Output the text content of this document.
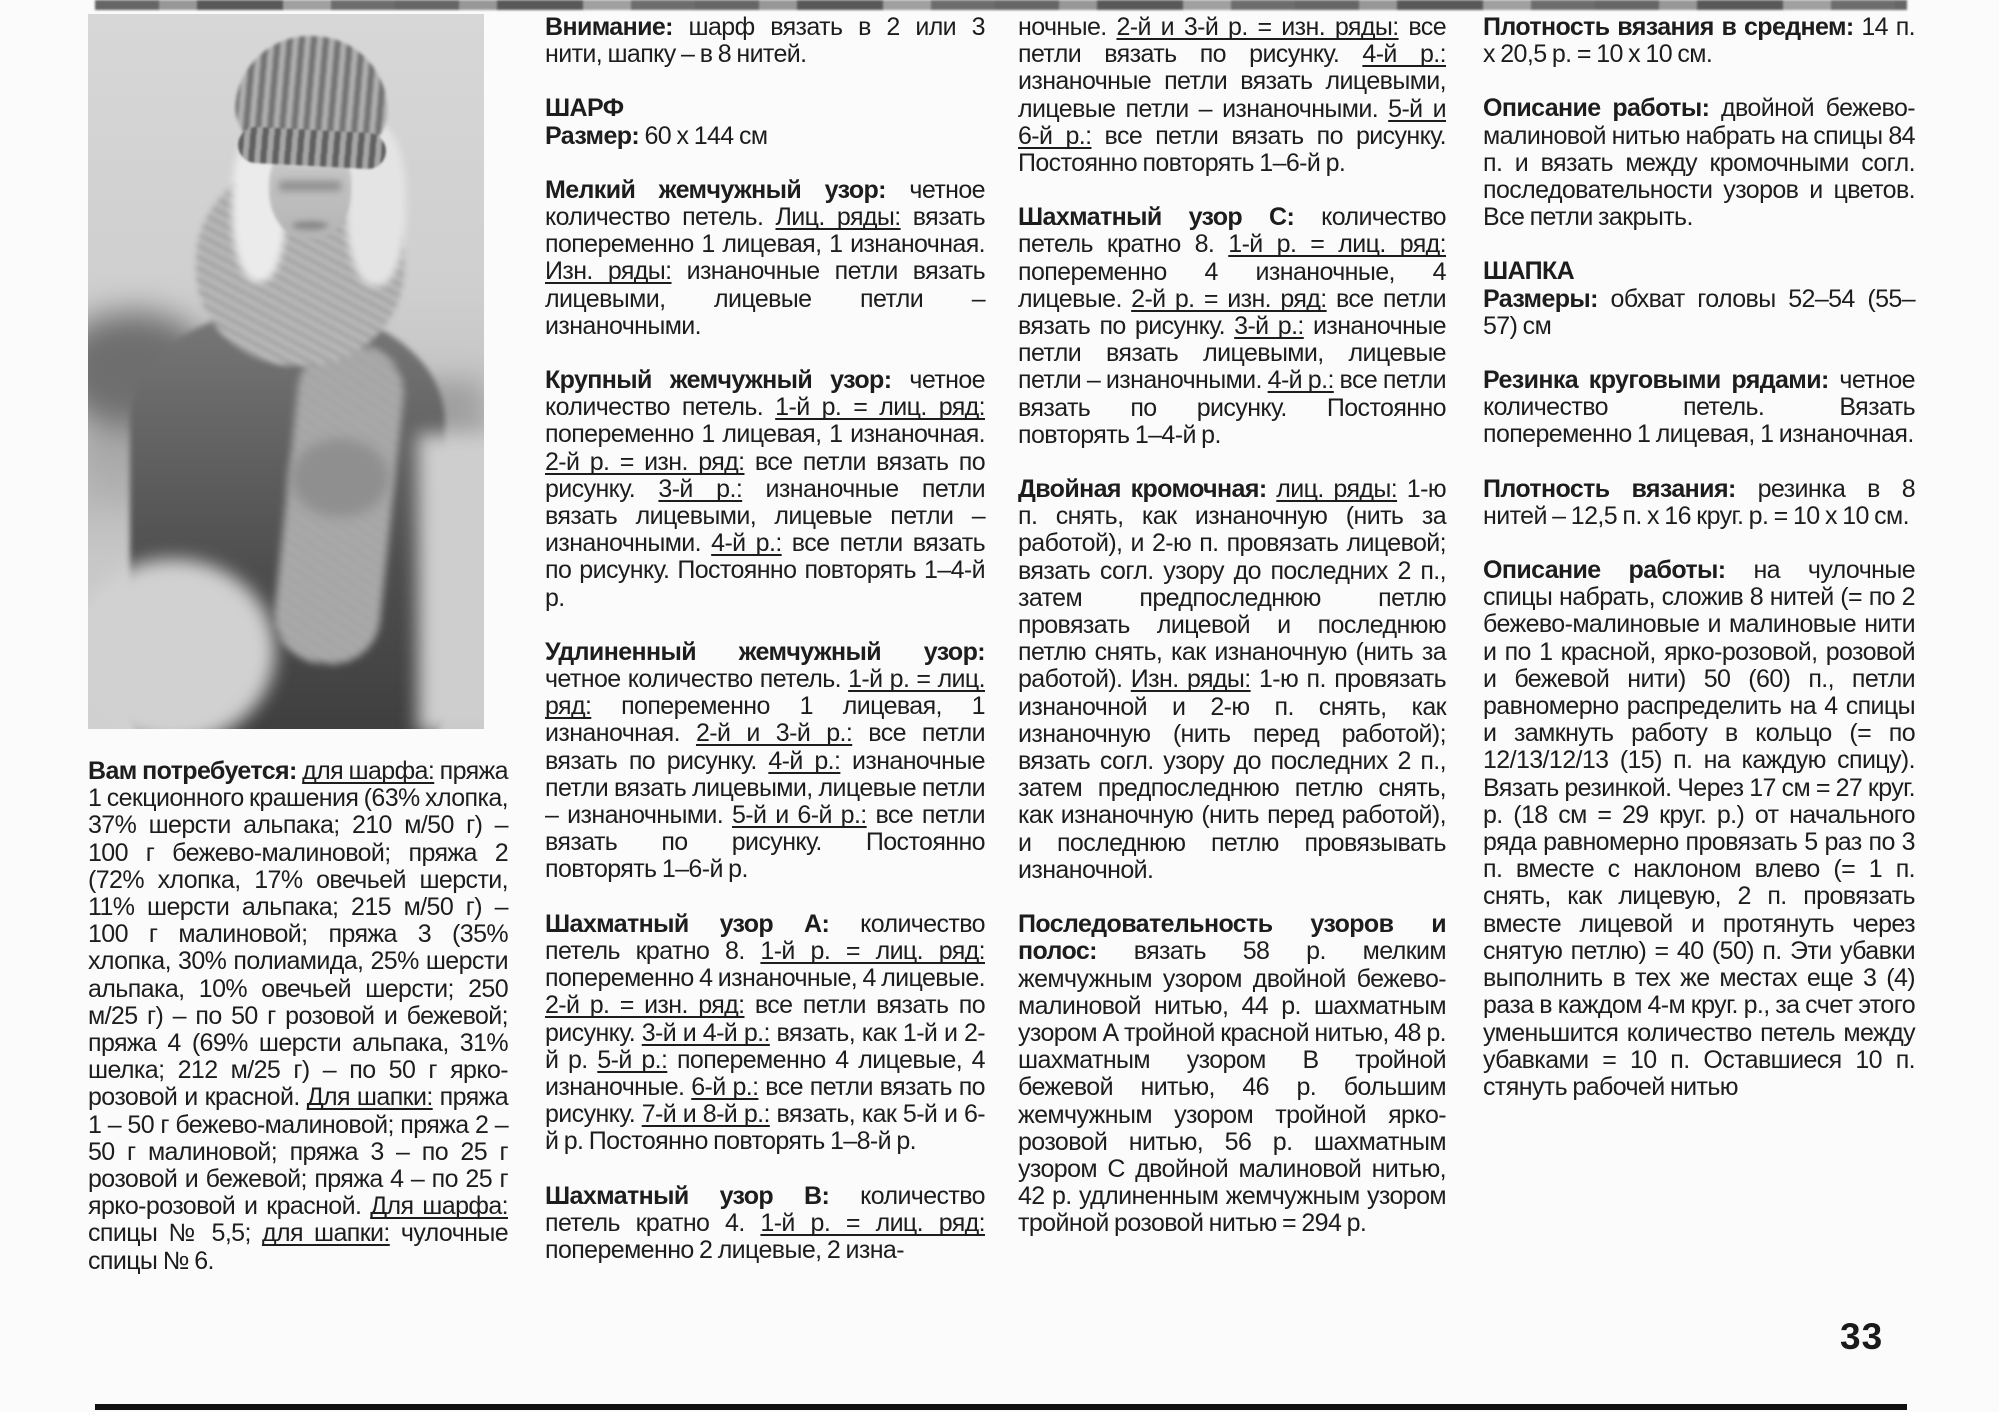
Вам потребуется: для шарфа: пряжа 1 секционного крашения (63% хлопка, 37% шерсти альпака; 210 м/50 г) – 100 г бежево-малиновой; пряжа 2 (72% хлопка, 17% овечьей шерсти, 11% шерсти альпака; 215 м/50 г) – 100 г малиновой; пряжа 3 (35% хлопка, 30% полиамида, 25% шерсти альпака, 10% овечьей шерсти; 250 м/25 г) – по 50 г розовой и бежевой; пряжа 4 (69% шерсти альпака, 31% шелка; 212 м/25 г) – по 50 г ярко-розовой и красной. Для шапки: пряжа 1 – 50 г бежево-малиновой; пряжа 2 – 50 г малиновой; пряжа 3 – по 25 г розовой и бежевой; пряжа 4 – по 25 г ярко-розовой и красной. Для шарфа: спицы № 5,5; для шапки: чулочные спицы № 6.

Внимание: шарф вязать в 2 или 3 нити, шапку – в 8 нитей.

ШАРФ
Размер: 60 х 144 см

Мелкий жемчужный узор: четное количество петель. Лиц. ряды: вязать попеременно 1 лицевая, 1 изнаночная. Изн. ряды: изнаночные петли вязать лицевыми, лицевые петли – изнаночными.

Крупный жемчужный узор: четное количество петель. 1-й р. = лиц. ряд: попеременно 1 лицевая, 1 изнаночная. 2-й р. = изн. ряд: все петли вязать по рисунку. 3-й р.: изнаночные петли вязать лицевыми, лицевые петли – изнаночными. 4-й р.: все петли вязать по рисунку. Постоянно повторять 1–4-й р.

Удлиненный жемчужный узор: четное количество петель. 1-й р. = лиц. ряд: попеременно 1 лицевая, 1 изнаночная. 2-й и 3-й р.: все петли вязать по рисунку. 4-й р.: изнаночные петли вязать лицевыми, лицевые петли – изнаночными. 5-й и 6-й р.: все петли вязать по рисунку. Постоянно повторять 1–6-й р.

Шахматный узор А: количество петель кратно 8. 1-й р. = лиц. ряд: попеременно 4 изнаночные, 4 лицевые. 2-й р. = изн. ряд: все петли вязать по рисунку. 3-й и 4-й р.: вязать, как 1-й и 2-й р. 5-й р.: попеременно 4 лицевые, 4 изнаночные. 6-й р.: все петли вязать по рисунку. 7-й и 8-й р.: вязать, как 5-й и 6-й р. Постоянно повторять 1–8-й р.

Шахматный узор В: количество петель кратно 4. 1-й р. = лиц. ряд: попеременно 2 лицевые, 2 изна-

ночные. 2-й и 3-й р. = изн. ряды: все петли вязать по рисунку. 4-й р.: изнаночные петли вязать лицевыми, лицевые петли – изнаночными. 5-й и 6-й р.: все петли вязать по рисунку. Постоянно повторять 1–6-й р.

Шахматный узор С: количество петель кратно 8. 1-й р. = лиц. ряд: попеременно 4 изнаночные, 4 лицевые. 2-й р. = изн. ряд: все петли вязать по рисунку. 3-й р.: изнаночные петли вязать лицевыми, лицевые петли – изнаночными. 4-й р.: все петли вязать по рисунку. Постоянно повторять 1–4-й р.

Двойная кромочная: лиц. ряды: 1-ю п. снять, как изнаночную (нить за работой), и 2-ю п. провязать лицевой; вязать согл. узору до последних 2 п., затем предпоследнюю петлю провязать лицевой и последнюю петлю снять, как изнаночную (нить за работой). Изн. ряды: 1-ю п. провязать изнаночной и 2-ю п. снять, как изнаночную (нить перед работой); вязать согл. узору до последних 2 п., затем предпоследнюю петлю снять, как изнаночную (нить перед работой), и последнюю петлю провязывать изнаночной.

Последовательность узоров и полос: вязать 58 р. мелким жемчужным узором двойной бежево-малиновой нитью, 44 р. шахматным узором А тройной красной нитью, 48 р. шахматным узором В тройной бежевой нитью, 46 р. большим жемчужным узором тройной ярко-розовой нитью, 56 р. шахматным узором С двойной малиновой нитью, 42 р. удлиненным жемчужным узором тройной розовой нитью = 294 р.

Плотность вязания в среднем: 14 п. х 20,5 р. = 10 х 10 см.

Описание работы: двойной бежево-малиновой нитью набрать на спицы 84 п. и вязать между кромочными согл. последовательности узоров и цветов. Все петли закрыть.

ШАПКА
Размеры: обхват головы 52–54 (55–57) см

Резинка круговыми рядами: четное количество петель. Вязать попеременно 1 лицевая, 1 изнаночная.

Плотность вязания: резинка в 8 нитей – 12,5 п. х 16 круг. р. = 10 х 10 см.

Описание работы: на чулочные спицы набрать, сложив 8 нитей (= по 2 бежево-малиновые и малиновые нити и по 1 красной, ярко-розовой, розовой и бежевой нити) 50 (60) п., петли равномерно распределить на 4 спицы и замкнуть работу в кольцо (= по 12/13/12/13 (15) п. на каждую спицу). Вязать резинкой. Через 17 см = 27 круг. р. (18 см = 29 круг. р.) от начального ряда равномерно провязать 5 раз по 3 п. вместе с наклоном влево (= 1 п. снять, как лицевую, 2 п. провязать вместе лицевой и протянуть через снятую петлю) = 40 (50) п. Эти убавки выполнить в тех же местах еще 3 (4) раза в каждом 4-м круг. р., за счет этого уменьшится количество петель между убавками = 10 п. Оставшиеся 10 п. стянуть рабочей нитью

33
